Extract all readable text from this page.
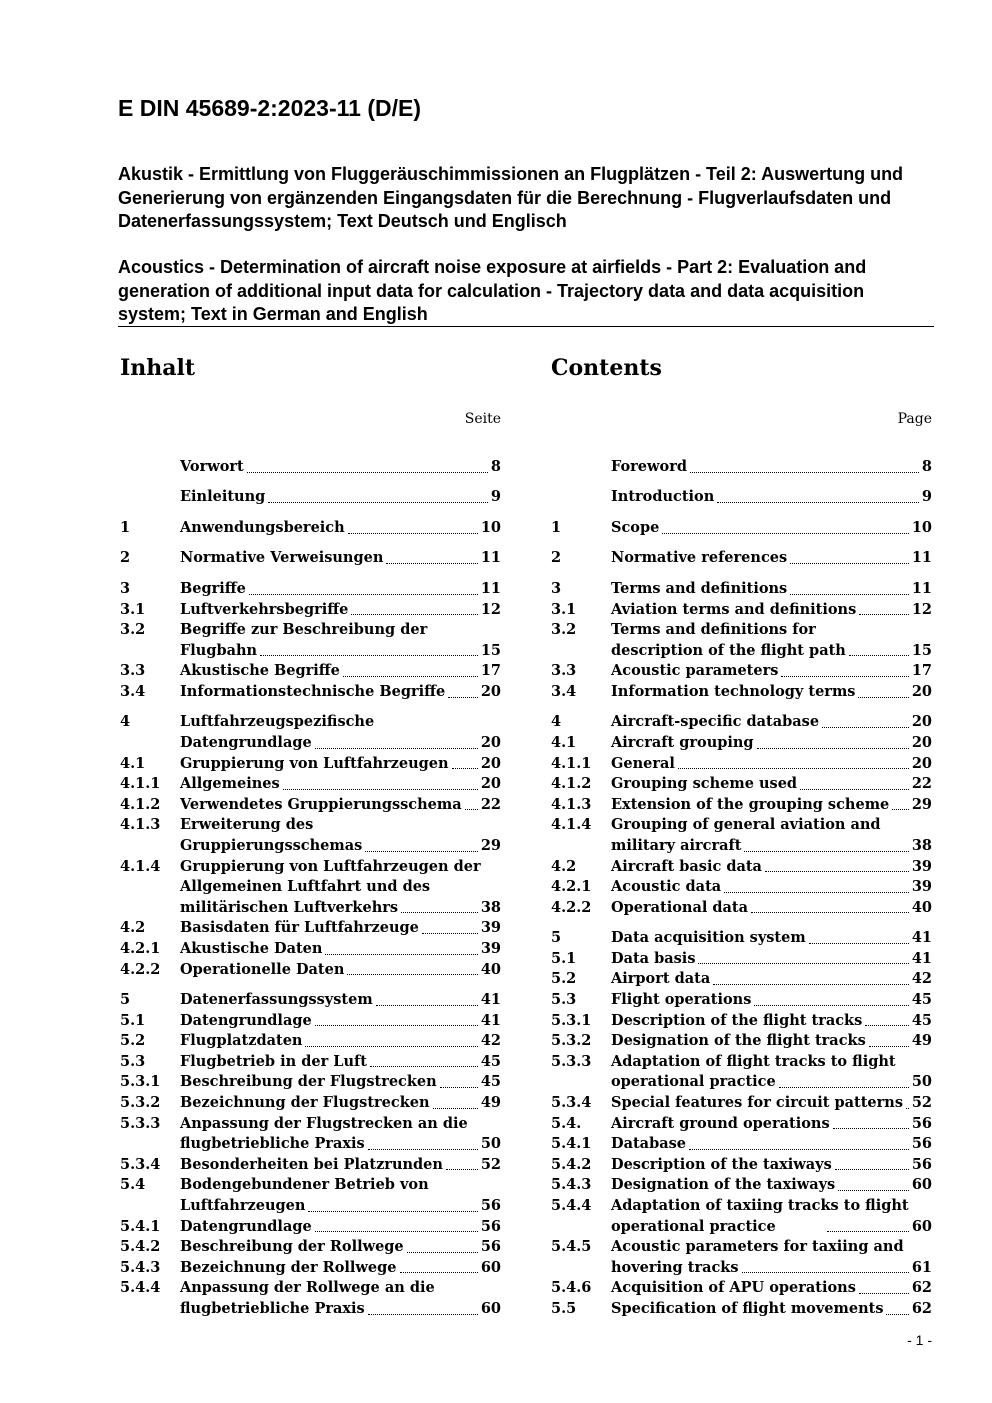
E DIN 45689-2:2023-11 (D/E)

Akustik - Ermittlung von Fluggeräuschimmissionen an Flugplätzen - Teil 2: Auswertung und Generierung von ergänzenden Eingangsdaten für die Berechnung - Flugverlaufsdaten und Datenerfassungssystem; Text Deutsch und Englisch

Acoustics - Determination of aircraft noise exposure at airfields - Part 2: Evaluation and generation of additional input data for calculation - Trajectory data and data acquisition system; Text in German and English

Inhalt
Seite
Vorwort	8
Einleitung	9
1	Anwendungsbereich	10
2	Normative Verweisungen	11
3	Begriffe	11
3.1	Luftverkehrsbegriffe	12
3.2	Begriffe zur Beschreibung der Flugbahn	15
3.3	Akustische Begriffe	17
3.4	Informationstechnische Begriffe	20
4	Luftfahrzeugspezifische Datengrundlage	20
4.1	Gruppierung von Luftfahrzeugen	20
4.1.1	Allgemeines	20
4.1.2	Verwendetes Gruppierungsschema	22
4.1.3	Erweiterung des Gruppierungsschemas	29
4.1.4	Gruppierung von Luftfahrzeugen der Allgemeinen Luftfahrt und des militärischen Luftverkehrs	38
4.2	Basisdaten für Luftfahrzeuge	39
4.2.1	Akustische Daten	39
4.2.2	Operationelle Daten	40
5	Datenerfassungssystem	41
5.1	Datengrundlage	41
5.2	Flugplatzdaten	42
5.3	Flugbetrieb in der Luft	45
5.3.1	Beschreibung der Flugstrecken	45
5.3.2	Bezeichnung der Flugstrecken	49
5.3.3	Anpassung der Flugstrecken an die flugbetriebliche Praxis	50
5.3.4	Besonderheiten bei Platzrunden	52
5.4	Bodengebundener Betrieb von Luftfahrzeugen	56
5.4.1	Datengrundlage	56
5.4.2	Beschreibung der Rollwege	56
5.4.3	Bezeichnung der Rollwege	60
5.4.4	Anpassung der Rollwege an die flugbetriebliche Praxis	60
Contents
Page
Foreword	8
Introduction	9
1	Scope	10
2	Normative references	11
3	Terms and definitions	11
3.1	Aviation terms and definitions	12
3.2	Terms and definitions for description of the flight path	15
3.3	Acoustic parameters	17
3.4	Information technology terms	20
4	Aircraft-specific database	20
4.1	Aircraft grouping	20
4.1.1	General	20
4.1.2	Grouping scheme used	22
4.1.3	Extension of the grouping scheme	29
4.1.4	Grouping of general aviation and military aircraft	38
4.2	Aircraft basic data	39
4.2.1	Acoustic data	39
4.2.2	Operational data	40
5	Data acquisition system	41
5.1	Data basis	41
5.2	Airport data	42
5.3	Flight operations	45
5.3.1	Description of the flight tracks	45
5.3.2	Designation of the flight tracks	49
5.3.3	Adaptation of flight tracks to flight operational practice	50
5.3.4	Special features for circuit patterns 52
5.4.	Aircraft ground operations	56
5.4.1	Database	56
5.4.2	Description of the taxiways	56
5.4.3	Designation of the taxiways	60
5.4.4	Adaptation of taxiing tracks to flight operational practice	60
5.4.5	Acoustic parameters for taxiing and hovering tracks	61
5.4.6	Acquisition of APU operations	62
5.5	Specification of flight movements	62
- 1 -
